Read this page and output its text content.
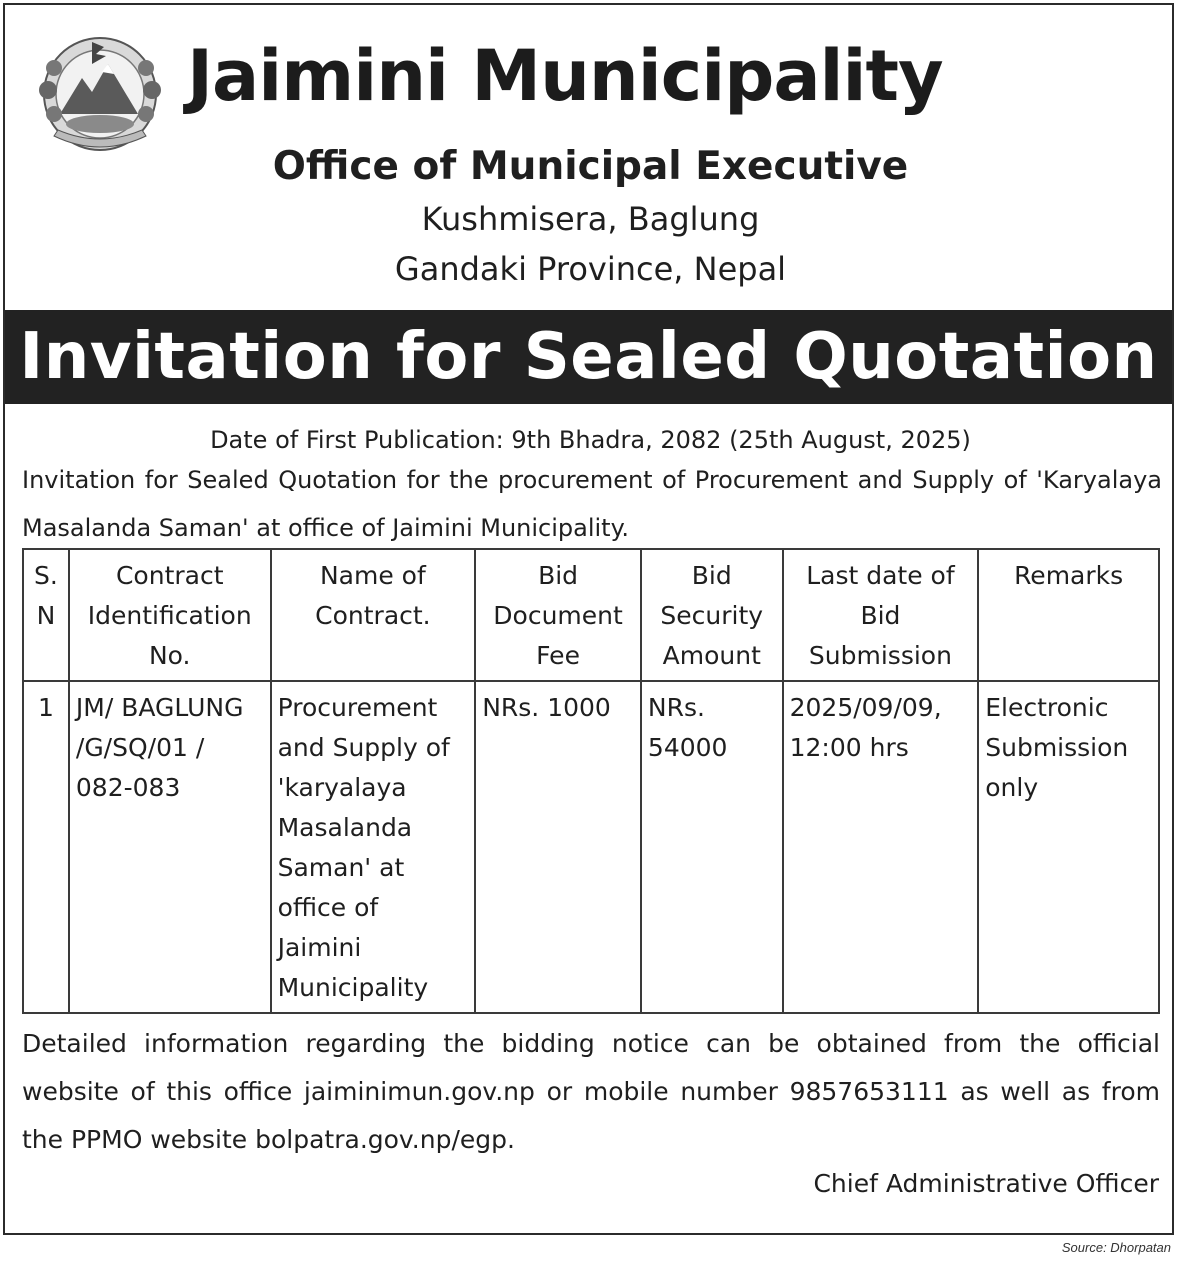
Jaimini Municipality
Office of Municipal Executive
Kushmisera, Baglung
Gandaki Province, Nepal
Invitation for Sealed Quotation
Date of First Publication: 9th Bhadra, 2082 (25th August, 2025)
Invitation for Sealed Quotation for the procurement of Procurement and Supply of 'Karyalaya Masalanda Saman' at office of Jaimini Municipality.
S. N	Contract Identification No.	Name of Contract.	Bid Document Fee	Bid Security Amount	Last date of Bid Submission	Remarks
1	JM/ BAGLUNG /G/SQ/01 / 082-083	Procurement and Supply of 'karyalaya Masalanda Saman' at office of Jaimini Municipality	NRs. 1000	NRs. 54000	2025/09/09, 12:00 hrs	Electronic Submission only
Detailed information regarding the bidding notice can be obtained from the official website of this office jaiminimun.gov.np or mobile number 9857653111 as well as from the PPMO website bolpatra.gov.np/egp.
Chief Administrative Officer
Source: Dhorpatan
